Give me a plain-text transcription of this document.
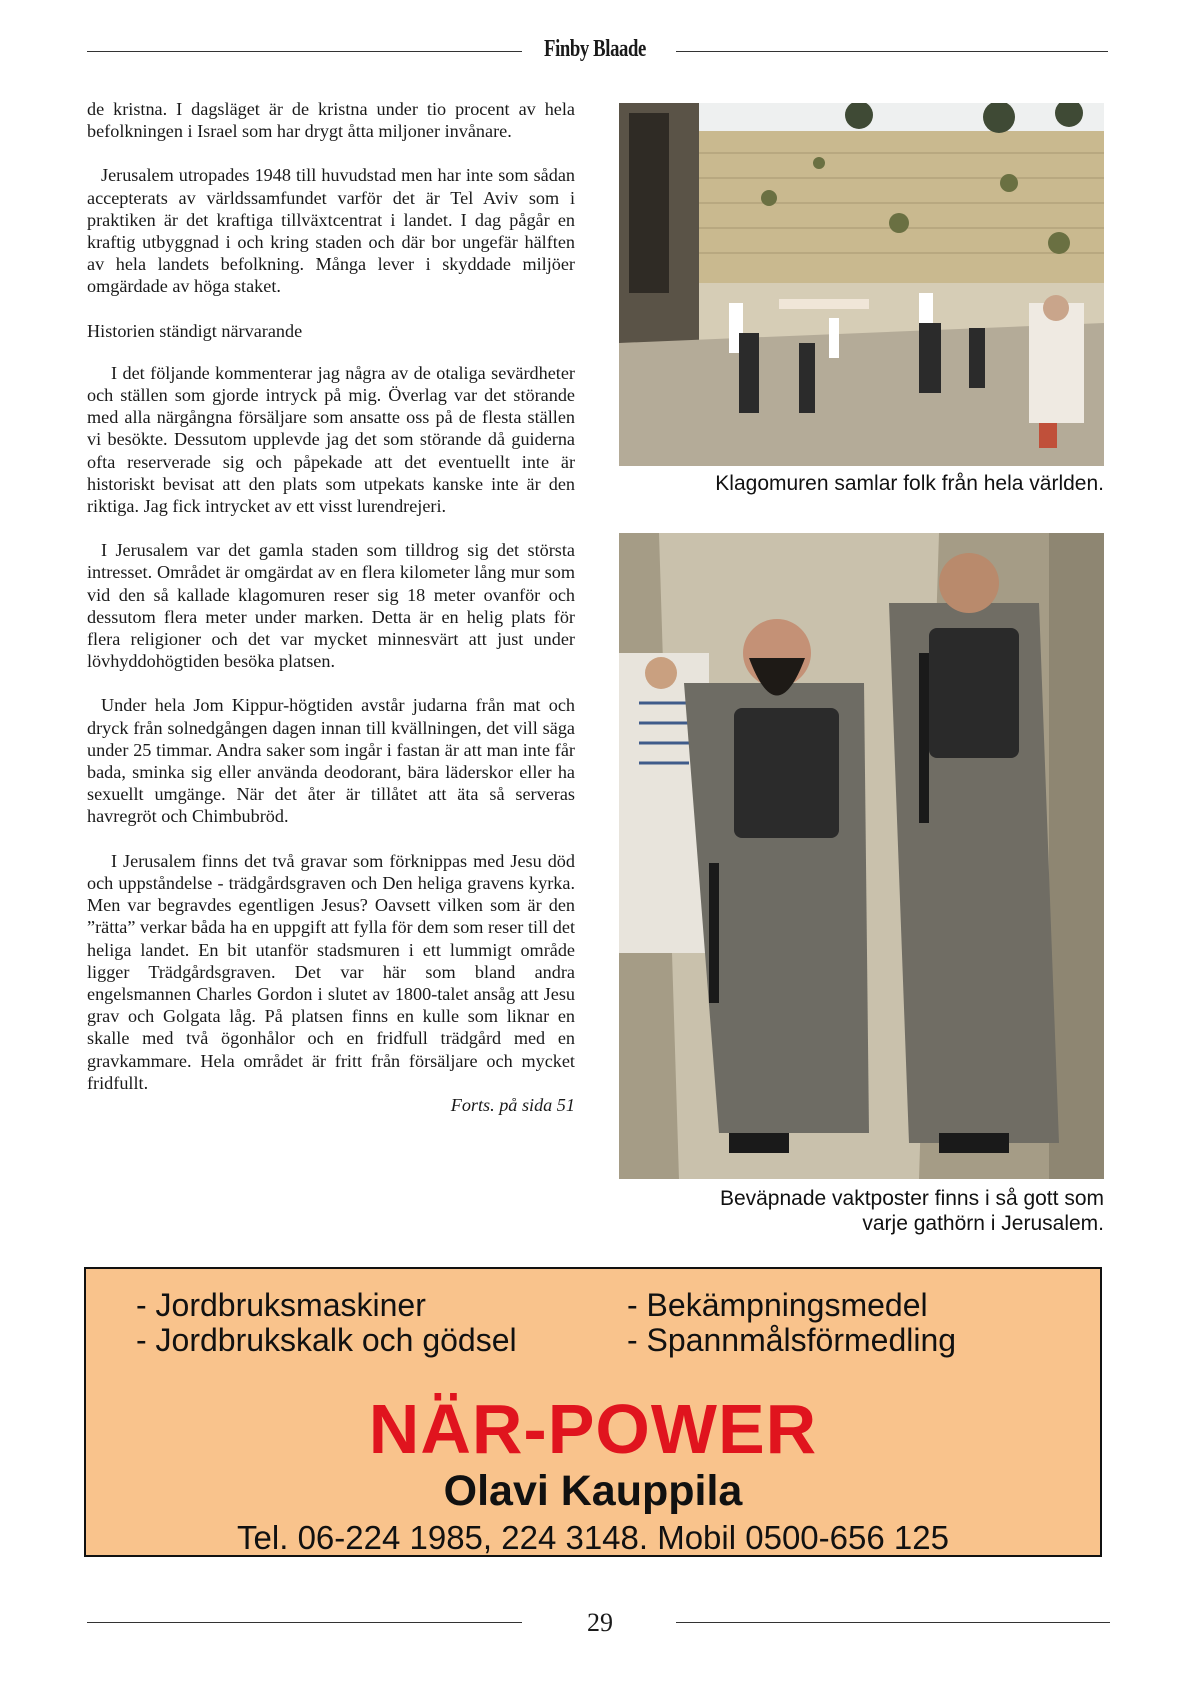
Finby Blaade

de kristna. I dagsläget är de kristna under tio procent av hela befolkningen i Israel som har drygt åtta miljoner invånare.

Jerusalem utropades 1948 till huvudstad men har inte som sådan accepterats av världssamfundet varför det är Tel Aviv som i praktiken är det kraftiga tillväxtcentrat i landet. I dag pågår en kraftig utbyggnad i och kring staden och där bor ungefär hälften av hela landets befolkning. Många lever i skyddade miljöer omgärdade av höga staket.

Historien ständigt närvarande

I det följande kommenterar jag några av de otaliga sevärdheter och ställen som gjorde intryck på mig. Överlag var det störande med alla närgångna försäljare som ansatte oss på de flesta ställen vi besökte. Dessutom upplevde jag det som störande då guiderna ofta reserverade sig och påpekade att det eventuellt inte är historiskt bevisat att den plats som utpekats kanske inte är den riktiga. Jag fick intrycket av ett visst lurendrejeri.

I Jerusalem var det gamla staden som tilldrog sig det största intresset. Området är omgärdat av en flera kilometer lång mur som vid den så kallade klagomuren reser sig 18 meter ovanför och dessutom flera meter under marken. Detta är en helig plats för flera religioner och det var mycket minnesvärt att just under lövhyddohögtiden besöka platsen.

Under hela Jom Kippur-högtiden avstår judarna från mat och dryck från solnedgången dagen innan till kvällningen, det vill säga under 25 timmar. Andra saker som ingår i fastan är att man inte får bada, sminka sig eller använda deodorant, bära läderskor eller ha sexuellt umgänge. När det åter är tillåtet att äta så serveras havregröt och Chimbubröd.

I Jerusalem finns det två gravar som förknippas med Jesu död och uppståndelse - trädgårdsgraven och Den heliga gravens kyrka. Men var begravdes egentligen Jesus? Oavsett vilken som är den ”rätta” verkar båda ha en uppgift att fylla för dem som reser till det heliga landet. En bit utanför stadsmuren i ett lummigt område ligger Trädgårdsgraven. Det var här som bland andra engelsmannen Charles Gordon i slutet av 1800-talet ansåg att Jesu grav och Golgata låg. På platsen finns en kulle som liknar en skalle med två ögonhålor och en fridfull trädgård med en gravkammare. Hela området är fritt från försäljare och mycket fridfullt.

Forts. på sida 51
Klagomuren samlar folk från hela världen.
Beväpnade vaktposter finns i så gott som
varje gathörn i Jerusalem.
- Jordbruksmaskiner
- Jordbrukskalk och gödsel
- Bekämpningsmedel
- Spannmålsförmedling
NÄR-POWER
Olavi Kauppila
Tel. 06-224 1985, 224 3148. Mobil 0500-656 125
29
